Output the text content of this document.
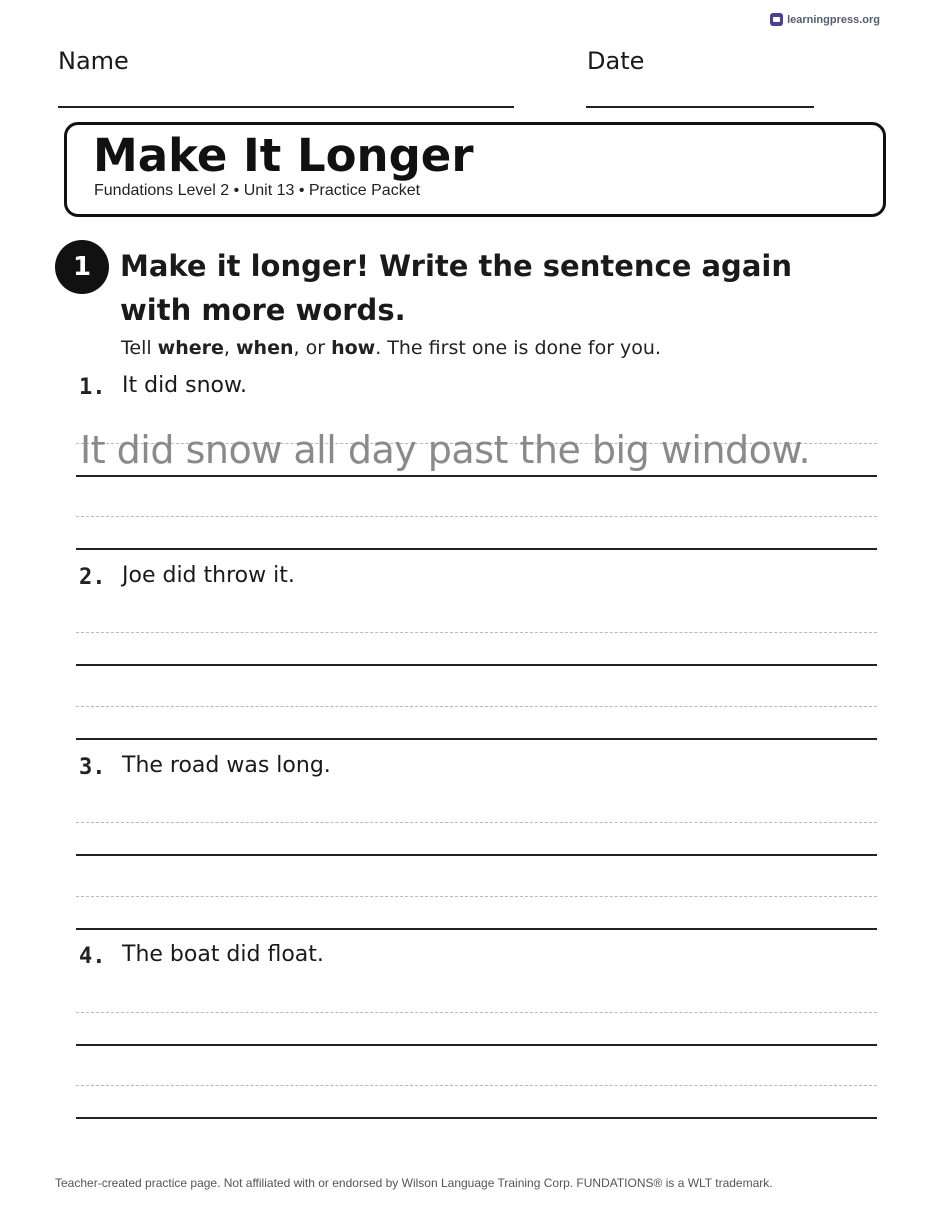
learningpress.org
Name	Date
Make It Longer
Fundations Level 2 • Unit 13 • Practice Packet
1 Make it longer! Write the sentence again with more words.
Tell where, when, or how. The first one is done for you.
1. It did snow.
It did snow all day past the big window.
2. Joe did throw it.
3. The road was long.
4. The boat did float.
Teacher-created practice page. Not affiliated with or endorsed by Wilson Language Training Corp. FUNDATIONS® is a WLT trademark.
